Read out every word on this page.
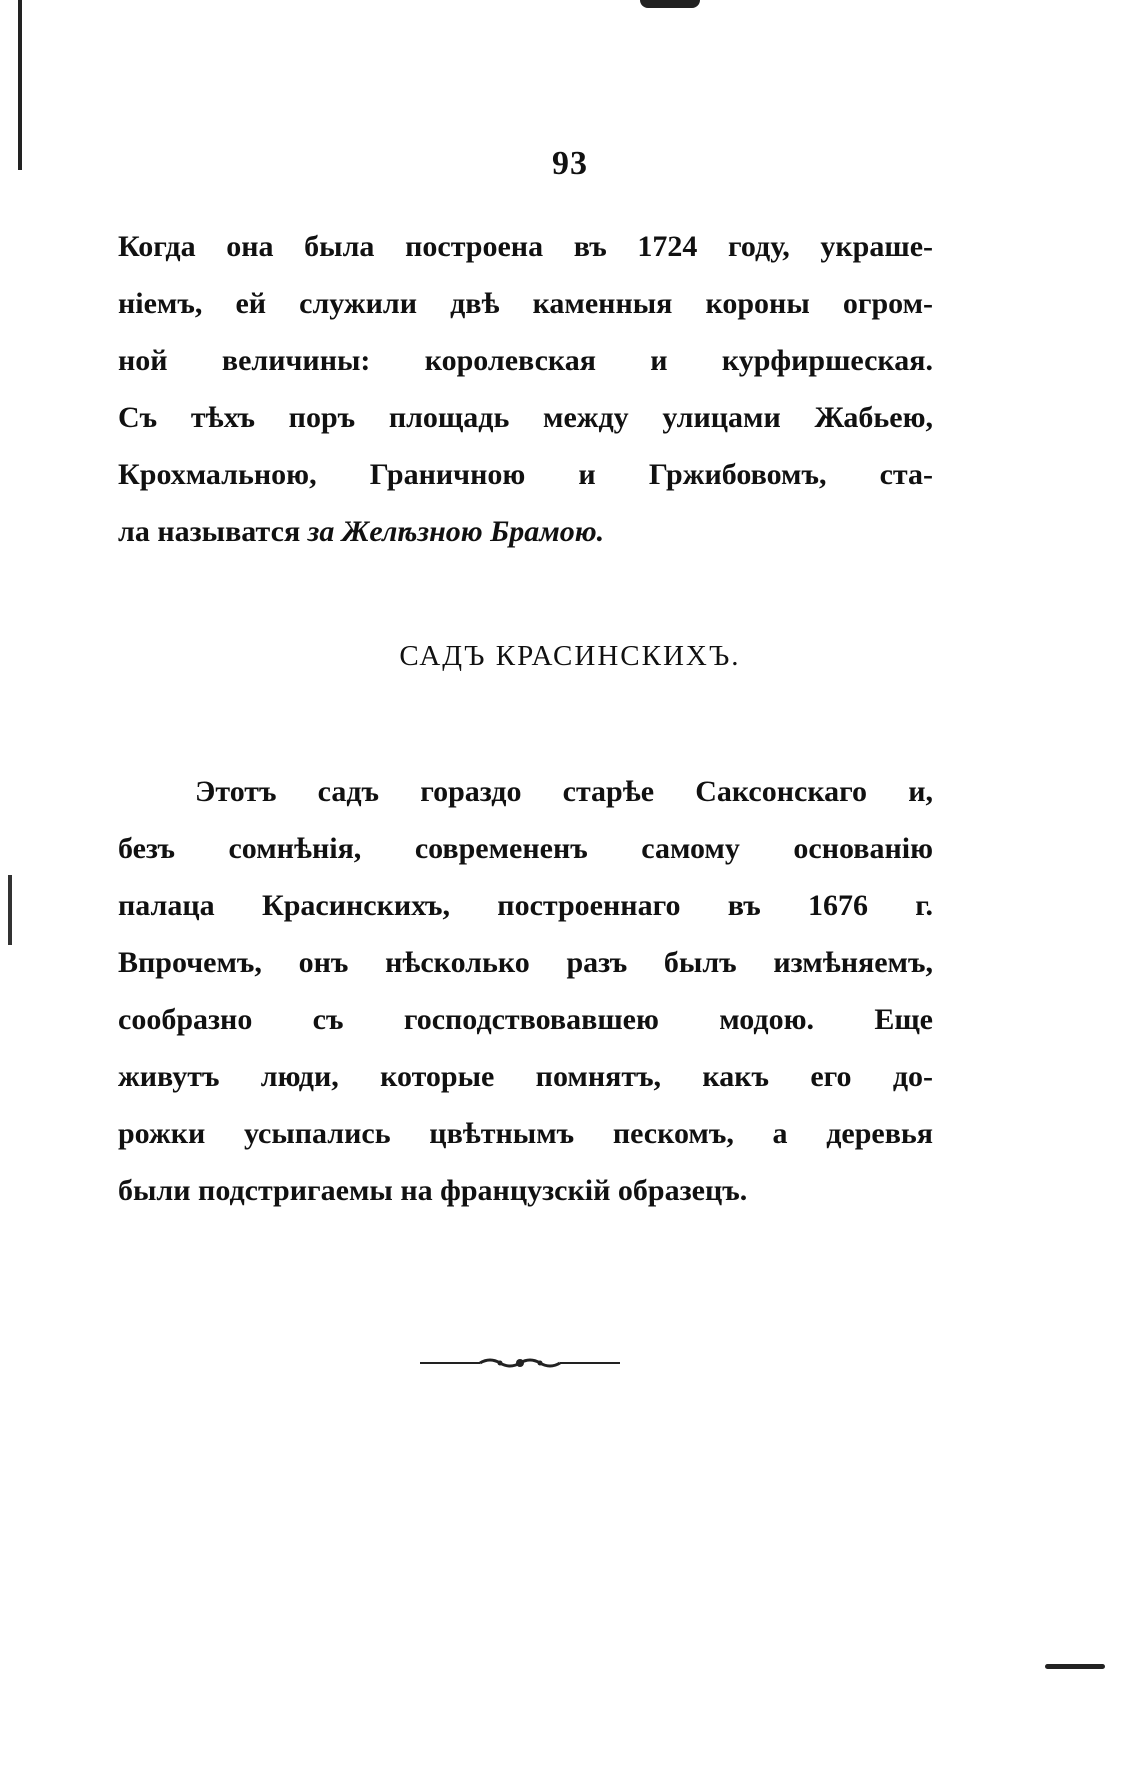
93
Когда она была построена въ 1724 году, украше-
ніемъ, ей служили двѣ каменныя короны огром-
ной величины: королевская и курфиршеская.
Съ тѣхъ поръ площадь между улицами Жабьею,
Крохмальною, Граничною и Гржибовомъ, ста-
ла называтся за Желѣзною Брамою.
САДЪ КРАСИНСКИХЪ.
Этотъ садъ гораздо старѣе Саксонскаго и,
безъ сомнѣнія, современенъ самому основанію
палаца Красинскихъ, построеннаго въ 1676 г.
Впрочемъ, онъ нѣсколько разъ былъ измѣняемъ,
сообразно съ господствовавшею модою. Еще
живутъ люди, которые помнятъ, какъ его до-
рожки усыпались цвѣтнымъ пескомъ, а деревья
были подстригаемы на французскій образецъ.
